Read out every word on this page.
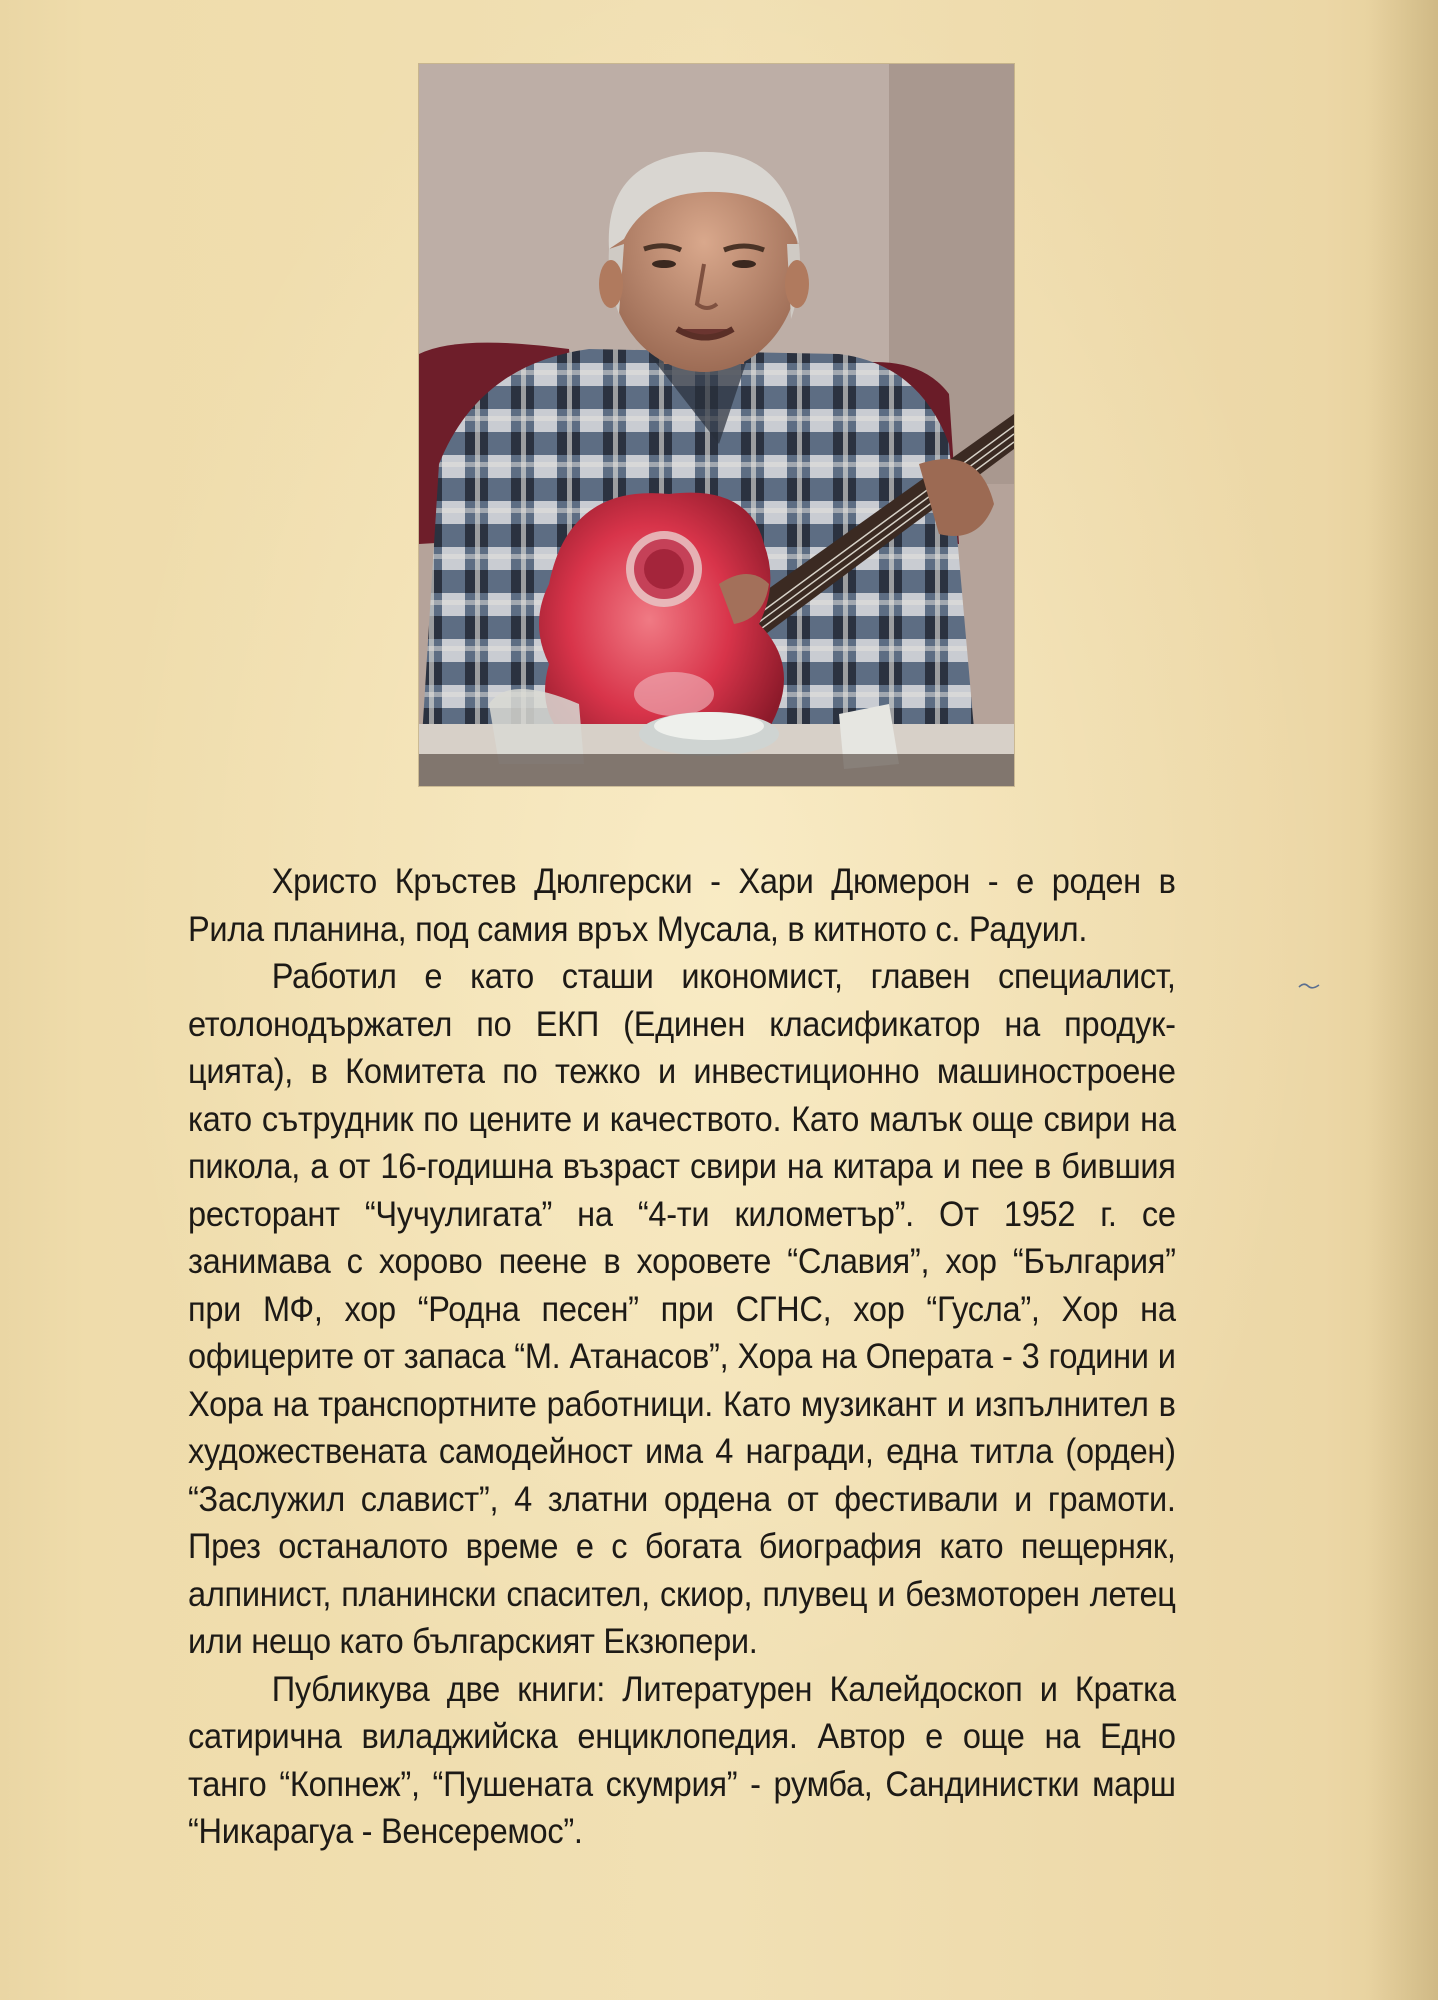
Христо Кръстев Дюлгерски - Хари Дюмерон - е роден в Рила планина, под самия връх Мусала, в китното с. Радуил.

Работил е като сташи икономист, главен специалист, етолонодържател по ЕКП (Единен класификатор на продук-цията), в Комитета по тежко и инвестиционно машиностроене като сътрудник по цените и качеството. Като малък още свири на пикола, а от 16-годишна възраст свири на китара и пее в бившия ресторант “Чучулигата” на “4-ти километър”. От 1952 г. се занимава с хорово пеене в хоровете “Славия”, хор “България” при МФ, хор “Родна песен” при СГНС, хор “Гусла”, Хор на офицерите от запаса “М. Атанасов”, Хора на Операта - 3 години и Хора на транспортните работници. Като музикант и изпълнител в художествената самодейност има 4 награди, една титла (орден) “Заслужил славист”, 4 златни ордена от фестивали и грамоти. През останалото време е с богата биография като пещерняк, алпинист, планински спасител, скиор, плувец и безмоторен летец или нещо като българският Екзюпери.

Публикува две книги: Литературен Калейдоскоп и Кратка сатирична виладжийска енциклопедия. Автор е още на Едно танго “Копнеж”, “Пушената скумрия” - румба, Сандинистки марш “Никарагуа - Венсеремос”.
